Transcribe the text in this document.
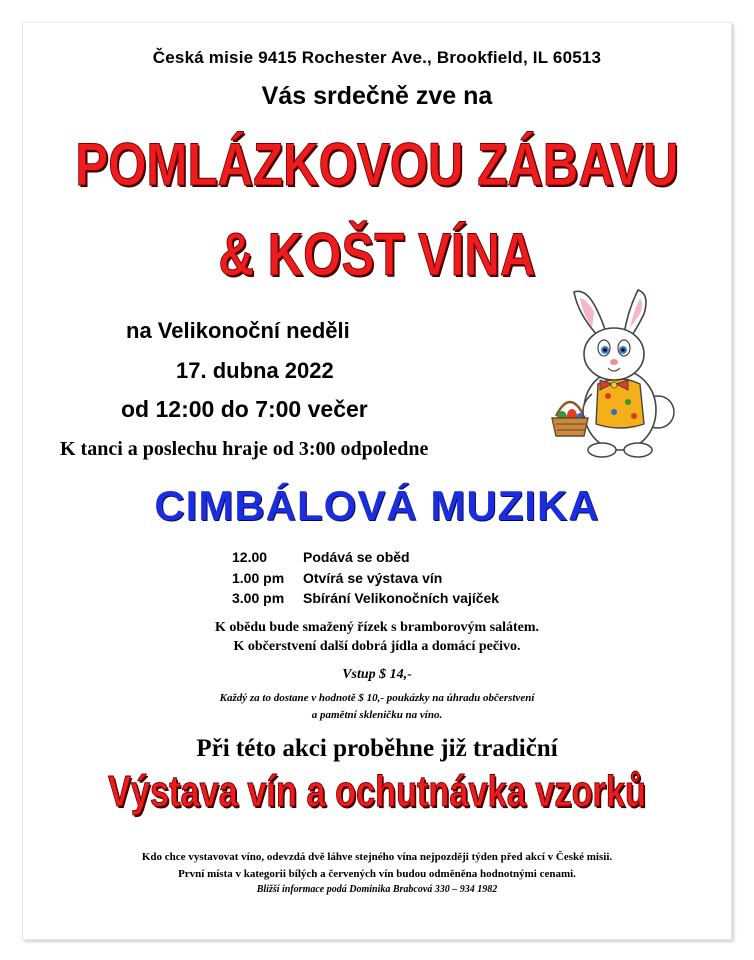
Česká misie 9415 Rochester Ave., Brookfield, IL 60513
Vás srdečně zve na
POMLÁZKOVOU ZÁBAVU
& KOŠT VÍNA
na Velikonoční neděli
17. dubna 2022
od 12:00 do 7:00 večer
K tanci a poslechu hraje od 3:00 odpoledne
CIMBÁLOVÁ MUZIKA
12.00	Podává se oběd
1.00 pm Otvírá se výstava vín
3.00 pm Sbírání Velikonočních vajíček
K obědu bude smažený řízek s bramborovým salátem.
K občerstvení další dobrá jídla a domácí pečivo.
Vstup $ 14,-
Každý za to dostane v hodnotě $ 10,- poukázky na úhradu občerstvení
a pamětní skleničku na víno.
Při této akci proběhne již tradiční
Výstava vín a ochutnávka vzorků
Kdo chce vystavovat víno, odevzdá dvě láhve stejného vína nejpozději týden před akcí v České misii.
První místa v kategorii bílých a červených vín budou odměněna hodnotnými cenami.
Bližší informace podá Dominika Brabcová 330 – 934 1982
